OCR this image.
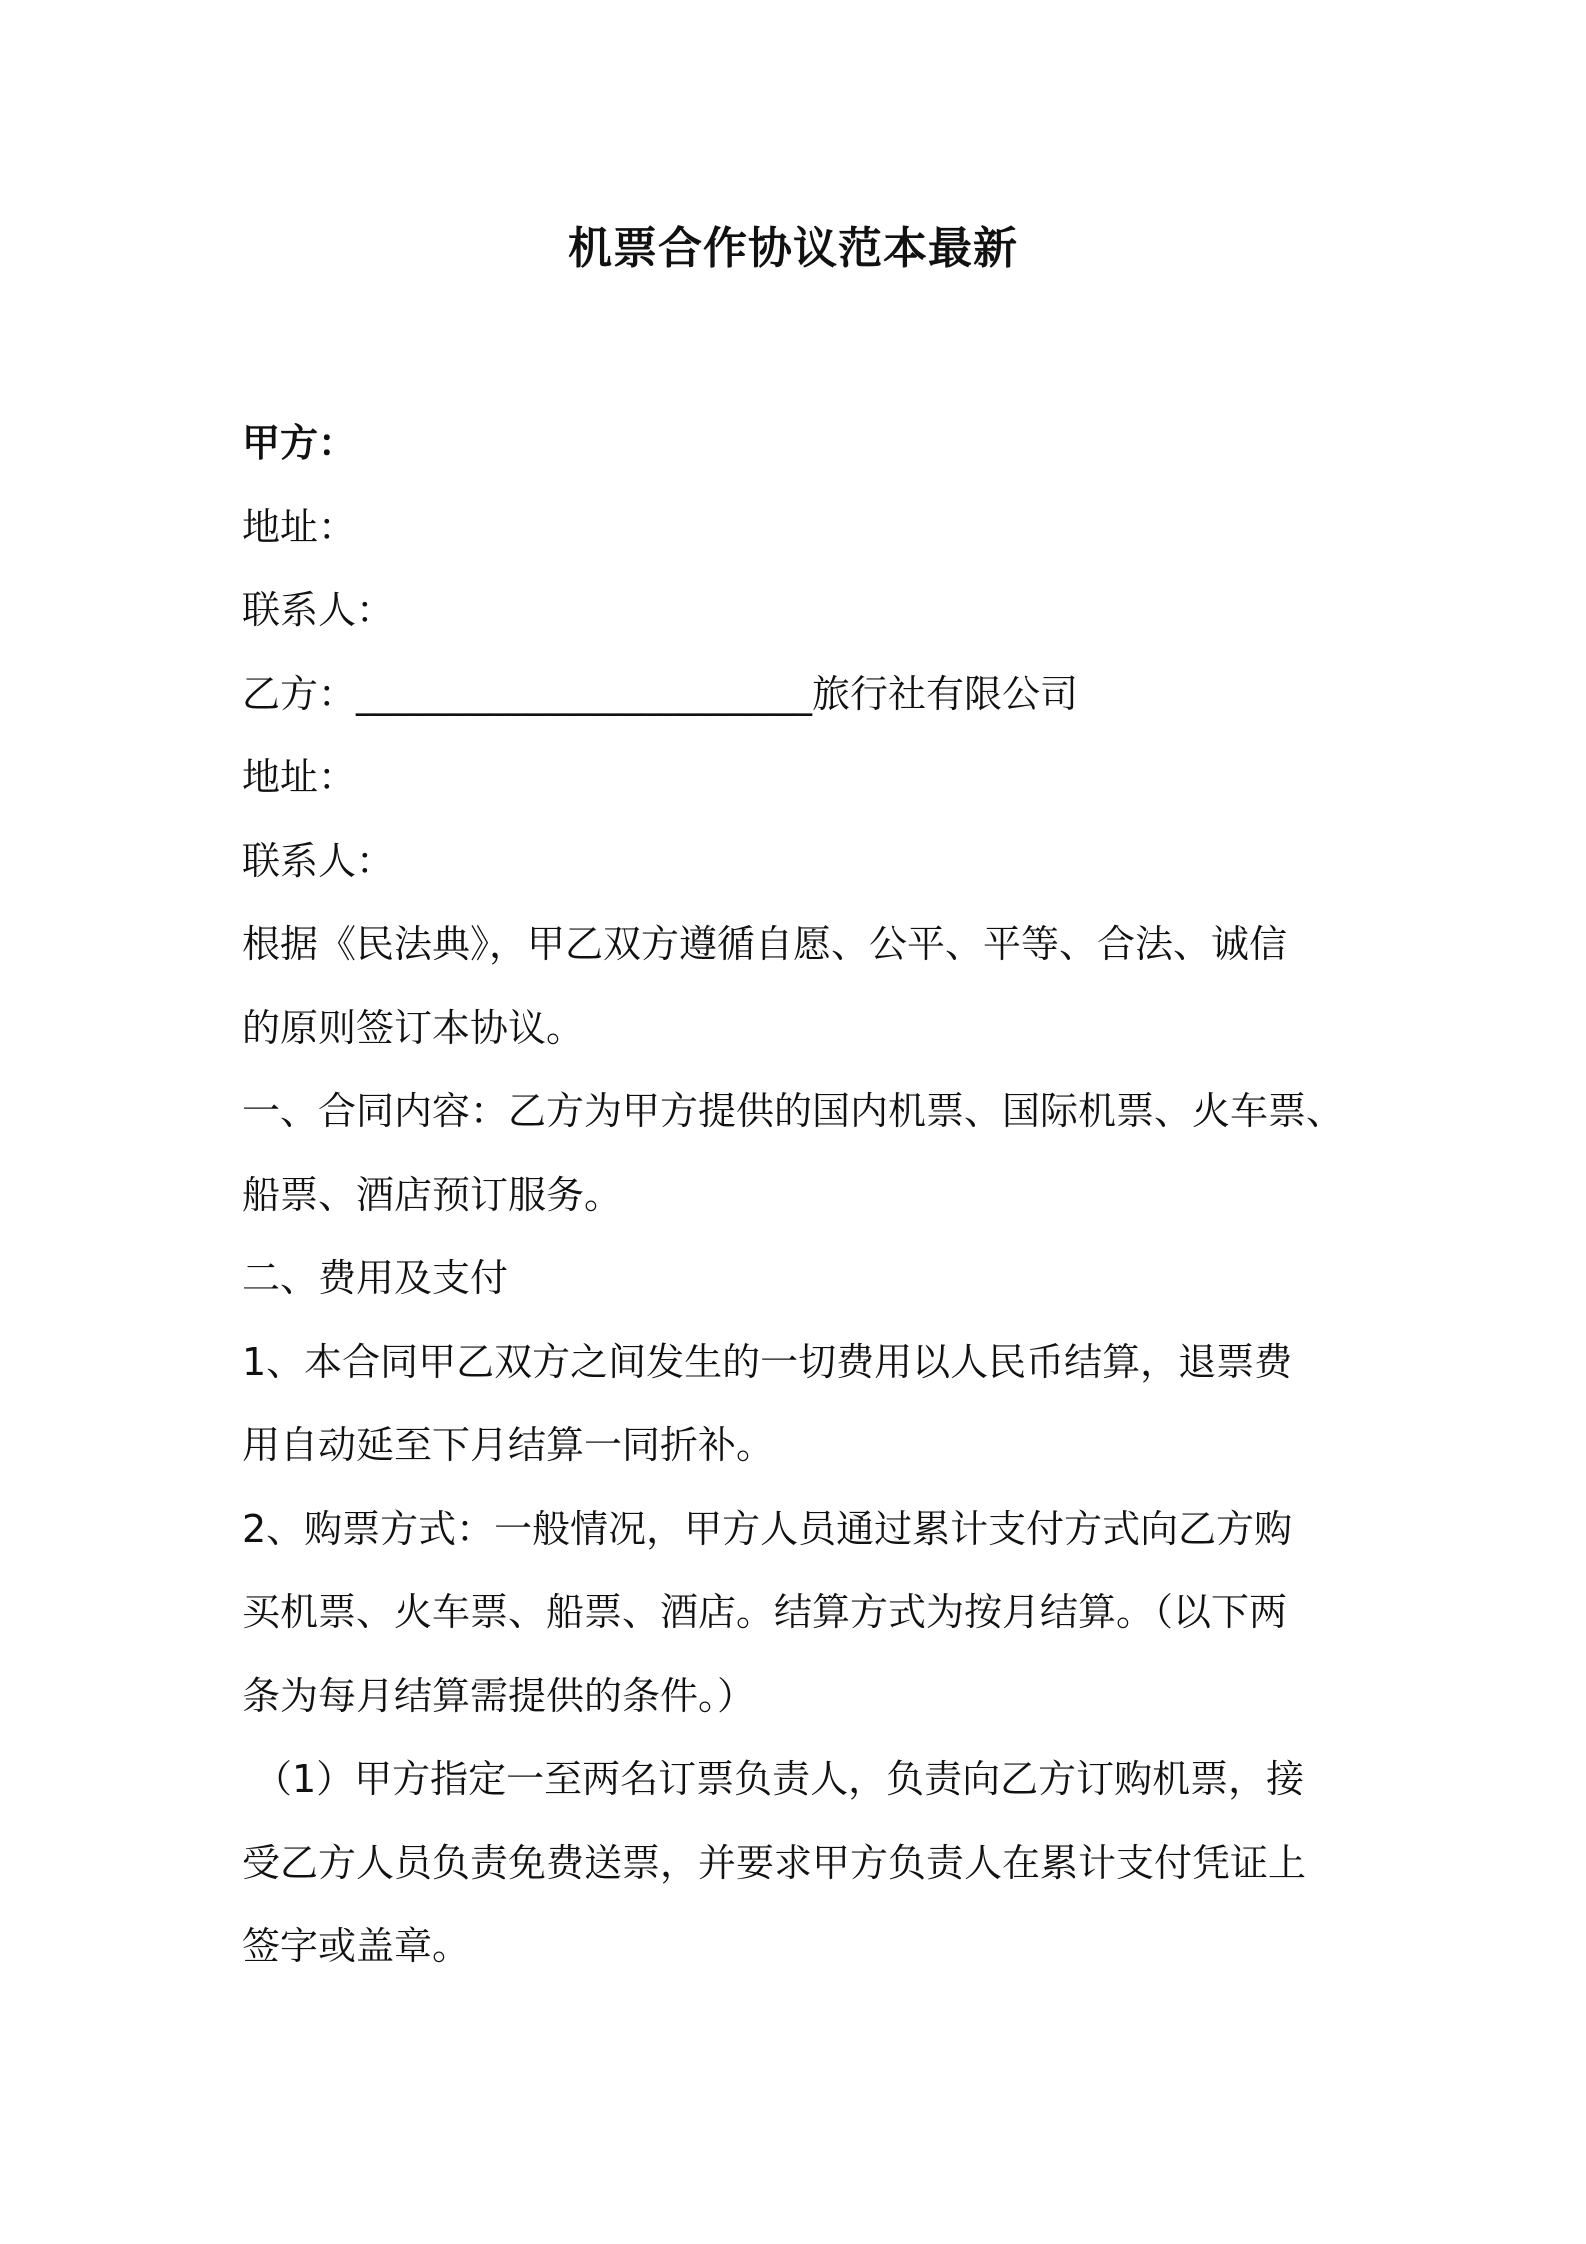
机票合作协议范本最新
甲方：
地址：
联系人：
乙方：________________________旅行社有限公司
地址：
联系人：
根据《民法典》，甲乙双方遵循自愿、公平、平等、合法、诚信
的原则签订本协议。
一、合同内容：乙方为甲方提供的国内机票、国际机票、火车票、
船票、酒店预订服务。
二、费用及支付
1、本合同甲乙双方之间发生的一切费用以人民币结算，退票费
用自动延至下月结算一同折补。
2、购票方式：一般情况，甲方人员通过累计支付方式向乙方购
买机票、火车票、船票、酒店。结算方式为按月结算。（以下两
条为每月结算需提供的条件。）
（1）甲方指定一至两名订票负责人，负责向乙方订购机票，接
受乙方人员负责免费送票，并要求甲方负责人在累计支付凭证上
签字或盖章。
